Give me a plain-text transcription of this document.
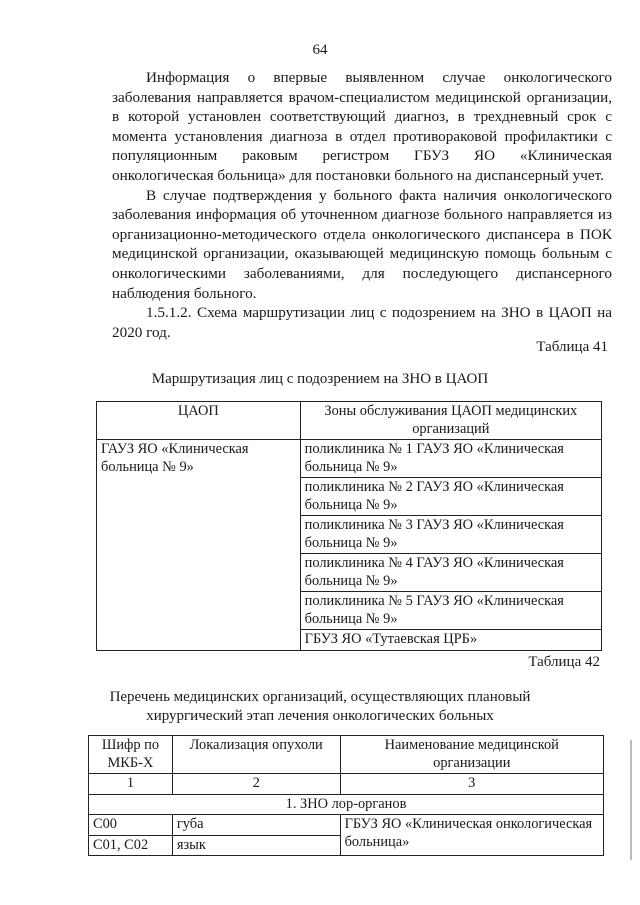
64

Информация о впервые выявленном случае онкологического заболевания направляется врачом-специалистом медицинской организации, в которой установлен соответствующий диагноз, в трехдневный срок с момента установления диагноза в отдел противораковой профилактики с популяционным раковым регистром ГБУЗ ЯО «Клиническая онкологическая больница» для постановки больного на диспансерный учет.

В случае подтверждения у больного факта наличия онкологического заболевания информация об уточненном диагнозе больного направляется из организационно-методического отдела онкологического диспансера в ПОК медицинской организации, оказывающей медицинскую помощь больным с онкологическими заболеваниями, для последующего диспансерного наблюдения больного.

1.5.1.2. Схема маршрутизации лиц с подозрением на ЗНО в ЦАОП на 2020 год.

Таблица 41
Маршрутизация лиц с подозрением на ЗНО в ЦАОП
ЦАОП	Зоны обслуживания ЦАОП медицинских организаций
ГАУЗ ЯО «Клиническая больница № 9»	поликлиника № 1 ГАУЗ ЯО «Клиническая больница № 9»
	поликлиника № 2 ГАУЗ ЯО «Клиническая больница № 9»
	поликлиника № 3 ГАУЗ ЯО «Клиническая больница № 9»
	поликлиника № 4 ГАУЗ ЯО «Клиническая больница № 9»
	поликлиника № 5 ГАУЗ ЯО «Клиническая больница № 9»
	ГБУЗ ЯО «Тутаевская ЦРБ»
Таблица 42
Перечень медицинских организаций, осуществляющих плановый
хирургический этап лечения онкологических больных
Шифр по МКБ-Х	Локализация опухоли	Наименование медицинской организации
1	2	3
1. ЗНО лор-органов		
С00	губа	ГБУЗ ЯО «Клиническая онкологическая больница»
С01, С02	язык	
